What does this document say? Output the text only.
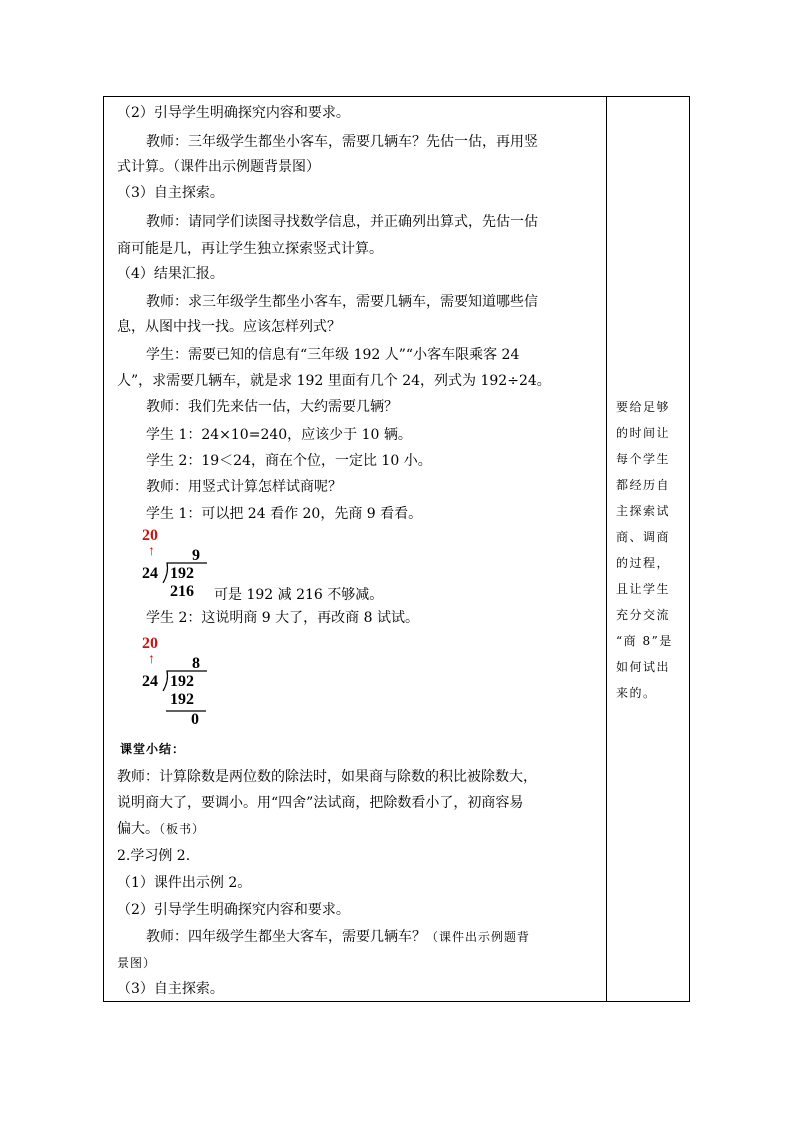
（2）引导学生明确探究内容和要求。
教师：三年级学生都坐小客车，需要几辆车？先估一估，再用竖
式计算。（课件出示例题背景图）
（3）自主探索。
教师：请同学们读图寻找数学信息，并正确列出算式，先估一估
商可能是几，再让学生独立探索竖式计算。
（4）结果汇报。
教师：求三年级学生都坐小客车，需要几辆车，需要知道哪些信
息，从图中找一找。应该怎样列式？
学生：需要已知的信息有“三年级 192 人”“小客车限乘客 24
人”，求需要几辆车，就是求 192 里面有几个 24，列式为 192÷24。
教师：我们先来估一估，大约需要几辆？
学生 1：24×10=240，应该少于 10 辆。
学生 2：19＜24，商在个位，一定比 10 小。
教师：用竖式计算怎样试商呢？
学生 1：可以把 24 看作 20，先商 9 看看。
20
↑ 9
24 192
216 可是 192 减 216 不够减。
学生 2：这说明商 9 大了，再改商 8 试试。
20
↑ 8
24 192
192
0
课堂小结：
教师：计算除数是两位数的除法时，如果商与除数的积比被除数大，
说明商大了，要调小。用“四舍”法试商，把除数看小了，初商容易
偏大。（板书）
2.学习例 2.
（1）课件出示例 2。
（2）引导学生明确探究内容和要求。
教师：四年级学生都坐大客车，需要几辆车？（课件出示例题背
景图）
（3）自主探索。
要给足够
的时间让
每个学生
都经历自
主探索试
商、调商
的过程，
且让学生
充分交流
“商 8”是
如何试出
来的。
